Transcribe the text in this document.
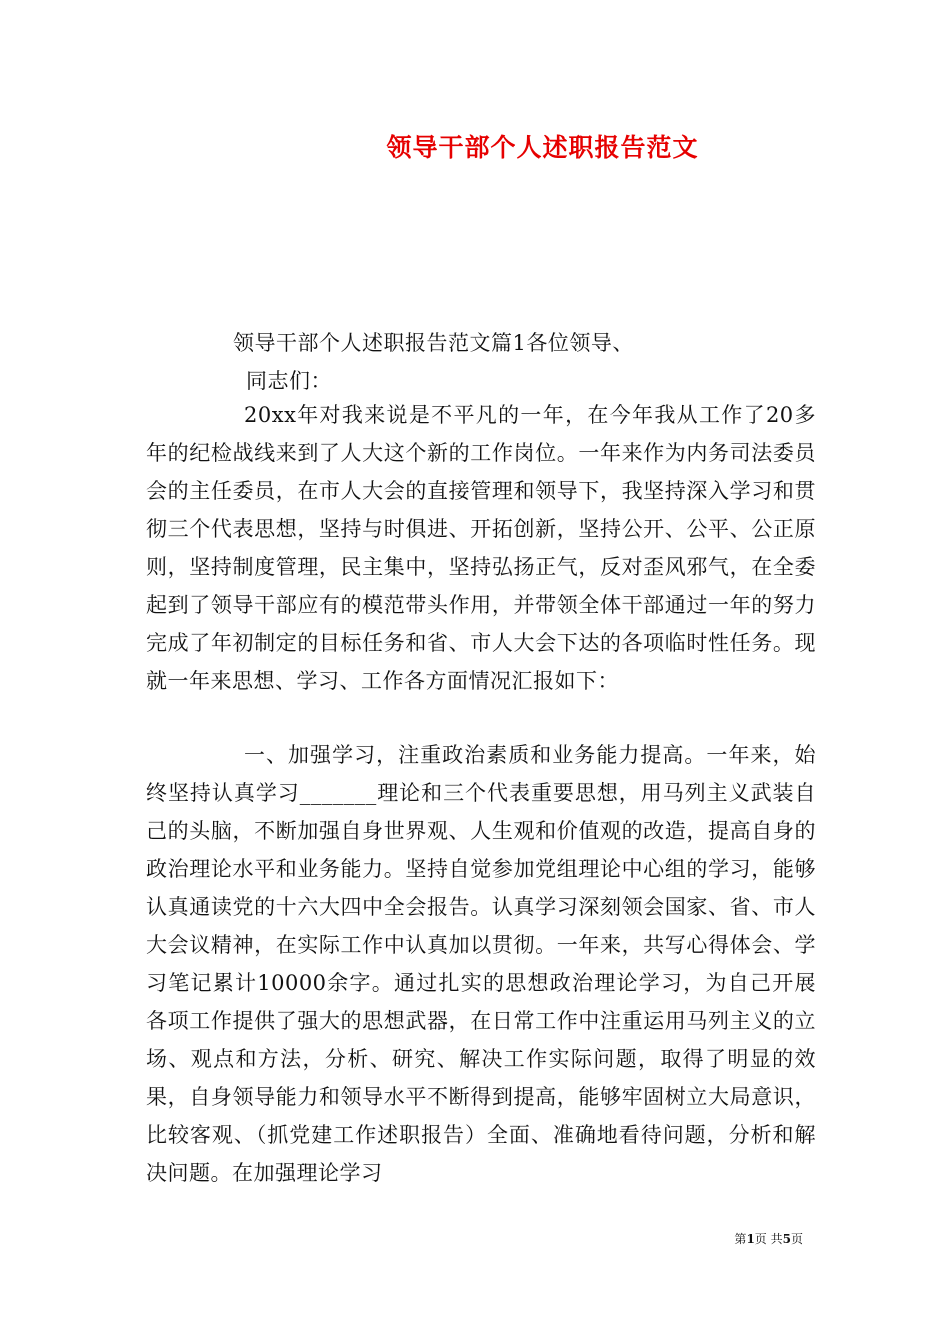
领导干部个人述职报告范文
领导干部个人述职报告范文篇1各位领导、
同志们：
20xx年对我来说是不平凡的一年，在今年我从工作了20多年的纪检战线来到了人大这个新的工作岗位。一年来作为内务司法委员会的主任委员，在市人大会的直接管理和领导下，我坚持深入学习和贯彻三个代表思想，坚持与时俱进、开拓创新，坚持公开、公平、公正原则，坚持制度管理，民主集中，坚持弘扬正气，反对歪风邪气，在全委起到了领导干部应有的模范带头作用，并带领全体干部通过一年的努力完成了年初制定的目标任务和省、市人大会下达的各项临时性任务。现就一年来思想、学习、工作各方面情况汇报如下：
一、加强学习，注重政治素质和业务能力提高。一年来，始终坚持认真学习_______理论和三个代表重要思想，用马列主义武装自己的头脑，不断加强自身世界观、人生观和价值观的改造，提高自身的政治理论水平和业务能力。坚持自觉参加党组理论中心组的学习，能够认真通读党的十六大四中全会报告。认真学习深刻领会国家、省、市人大会议精神，在实际工作中认真加以贯彻。一年来，共写心得体会、学习笔记累计10000余字。通过扎实的思想政治理论学习，为自己开展各项工作提供了强大的思想武器，在日常工作中注重运用马列主义的立场、观点和方法，分析、研究、解决工作实际问题，取得了明显的效果，自身领导能力和领导水平不断得到提高，能够牢固树立大局意识，比较客观、（抓党建工作述职报告）全面、准确地看待问题，分析和解决问题。在加强理论学习
第1页 共5页
